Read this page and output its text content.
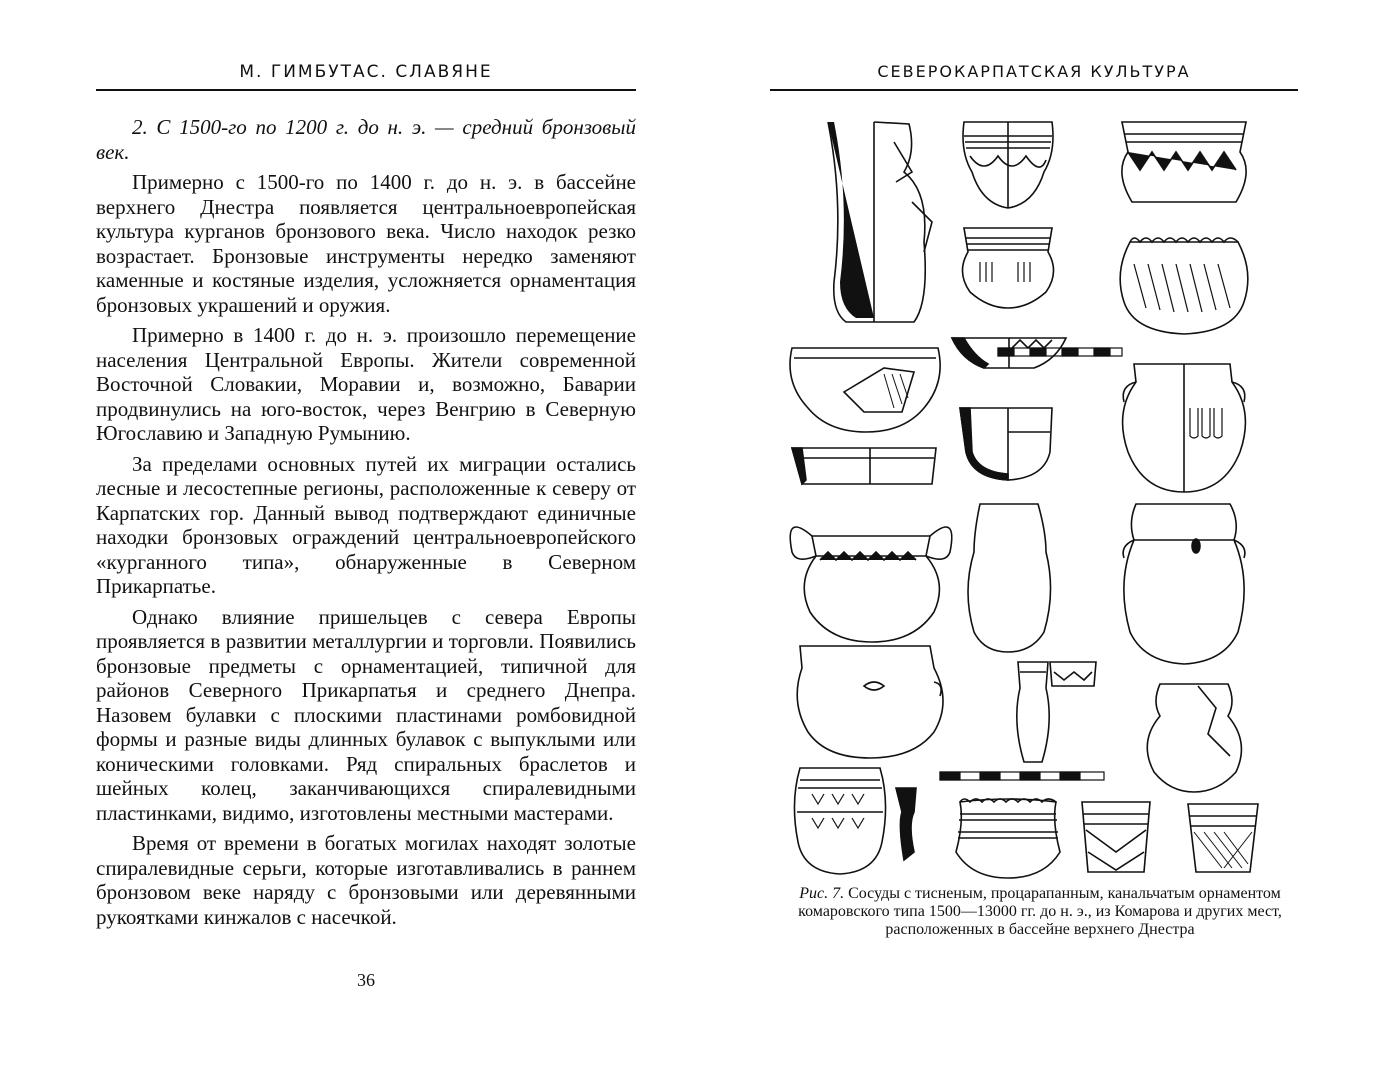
М. ГИМБУТАС. СЛАВЯНЕ

2. С 1500-го по 1200 г. до н. э. — средний бронзовый век.

Примерно с 1500-го по 1400 г. до н. э. в бассейне верхнего Днестра появляется центральноевропейская культура курганов бронзового века. Число находок резко возрастает. Бронзовые инструменты нередко заменяют каменные и костяные изделия, усложняется орнаментация бронзовых украшений и оружия.

Примерно в 1400 г. до н. э. произошло перемещение населения Центральной Европы. Жители современной Восточной Словакии, Моравии и, возможно, Баварии продвинулись на юго-восток, через Венгрию в Северную Югославию и Западную Румынию.

За пределами основных путей их миграции остались лесные и лесостепные регионы, расположенные к северу от Карпатских гор. Данный вывод подтверждают единичные находки бронзовых ограждений центральноевропейского «курганного типа», обнаруженные в Северном Прикарпатье.

Однако влияние пришельцев с севера Европы проявляется в развитии металлургии и торговли. Появились бронзовые предметы с орнаментацией, типичной для районов Северного Прикарпатья и среднего Днепра. Назовем булавки с плоскими пластинами ромбовидной формы и разные виды длинных булавок с выпуклыми или коническими головками. Ряд спиральных браслетов и шейных колец, заканчивающихся спиралевидными пластинками, видимо, изготовлены местными мастерами.

Время от времени в богатых могилах находят золотые спиралевидные серьги, которые изготавливались в раннем бронзовом веке наряду с бронзовыми или деревянными рукоятками кинжалов с насечкой.

36
СЕВЕРОКАРПАТСКАЯ КУЛЬТУРА
Рис. 7. Сосуды с тисненым, процарапанным, канальчатым орнаментом комаровского типа 1500—13000 гг. до н. э., из Комарова и других мест, расположенных в бассейне верхнего Днестра
